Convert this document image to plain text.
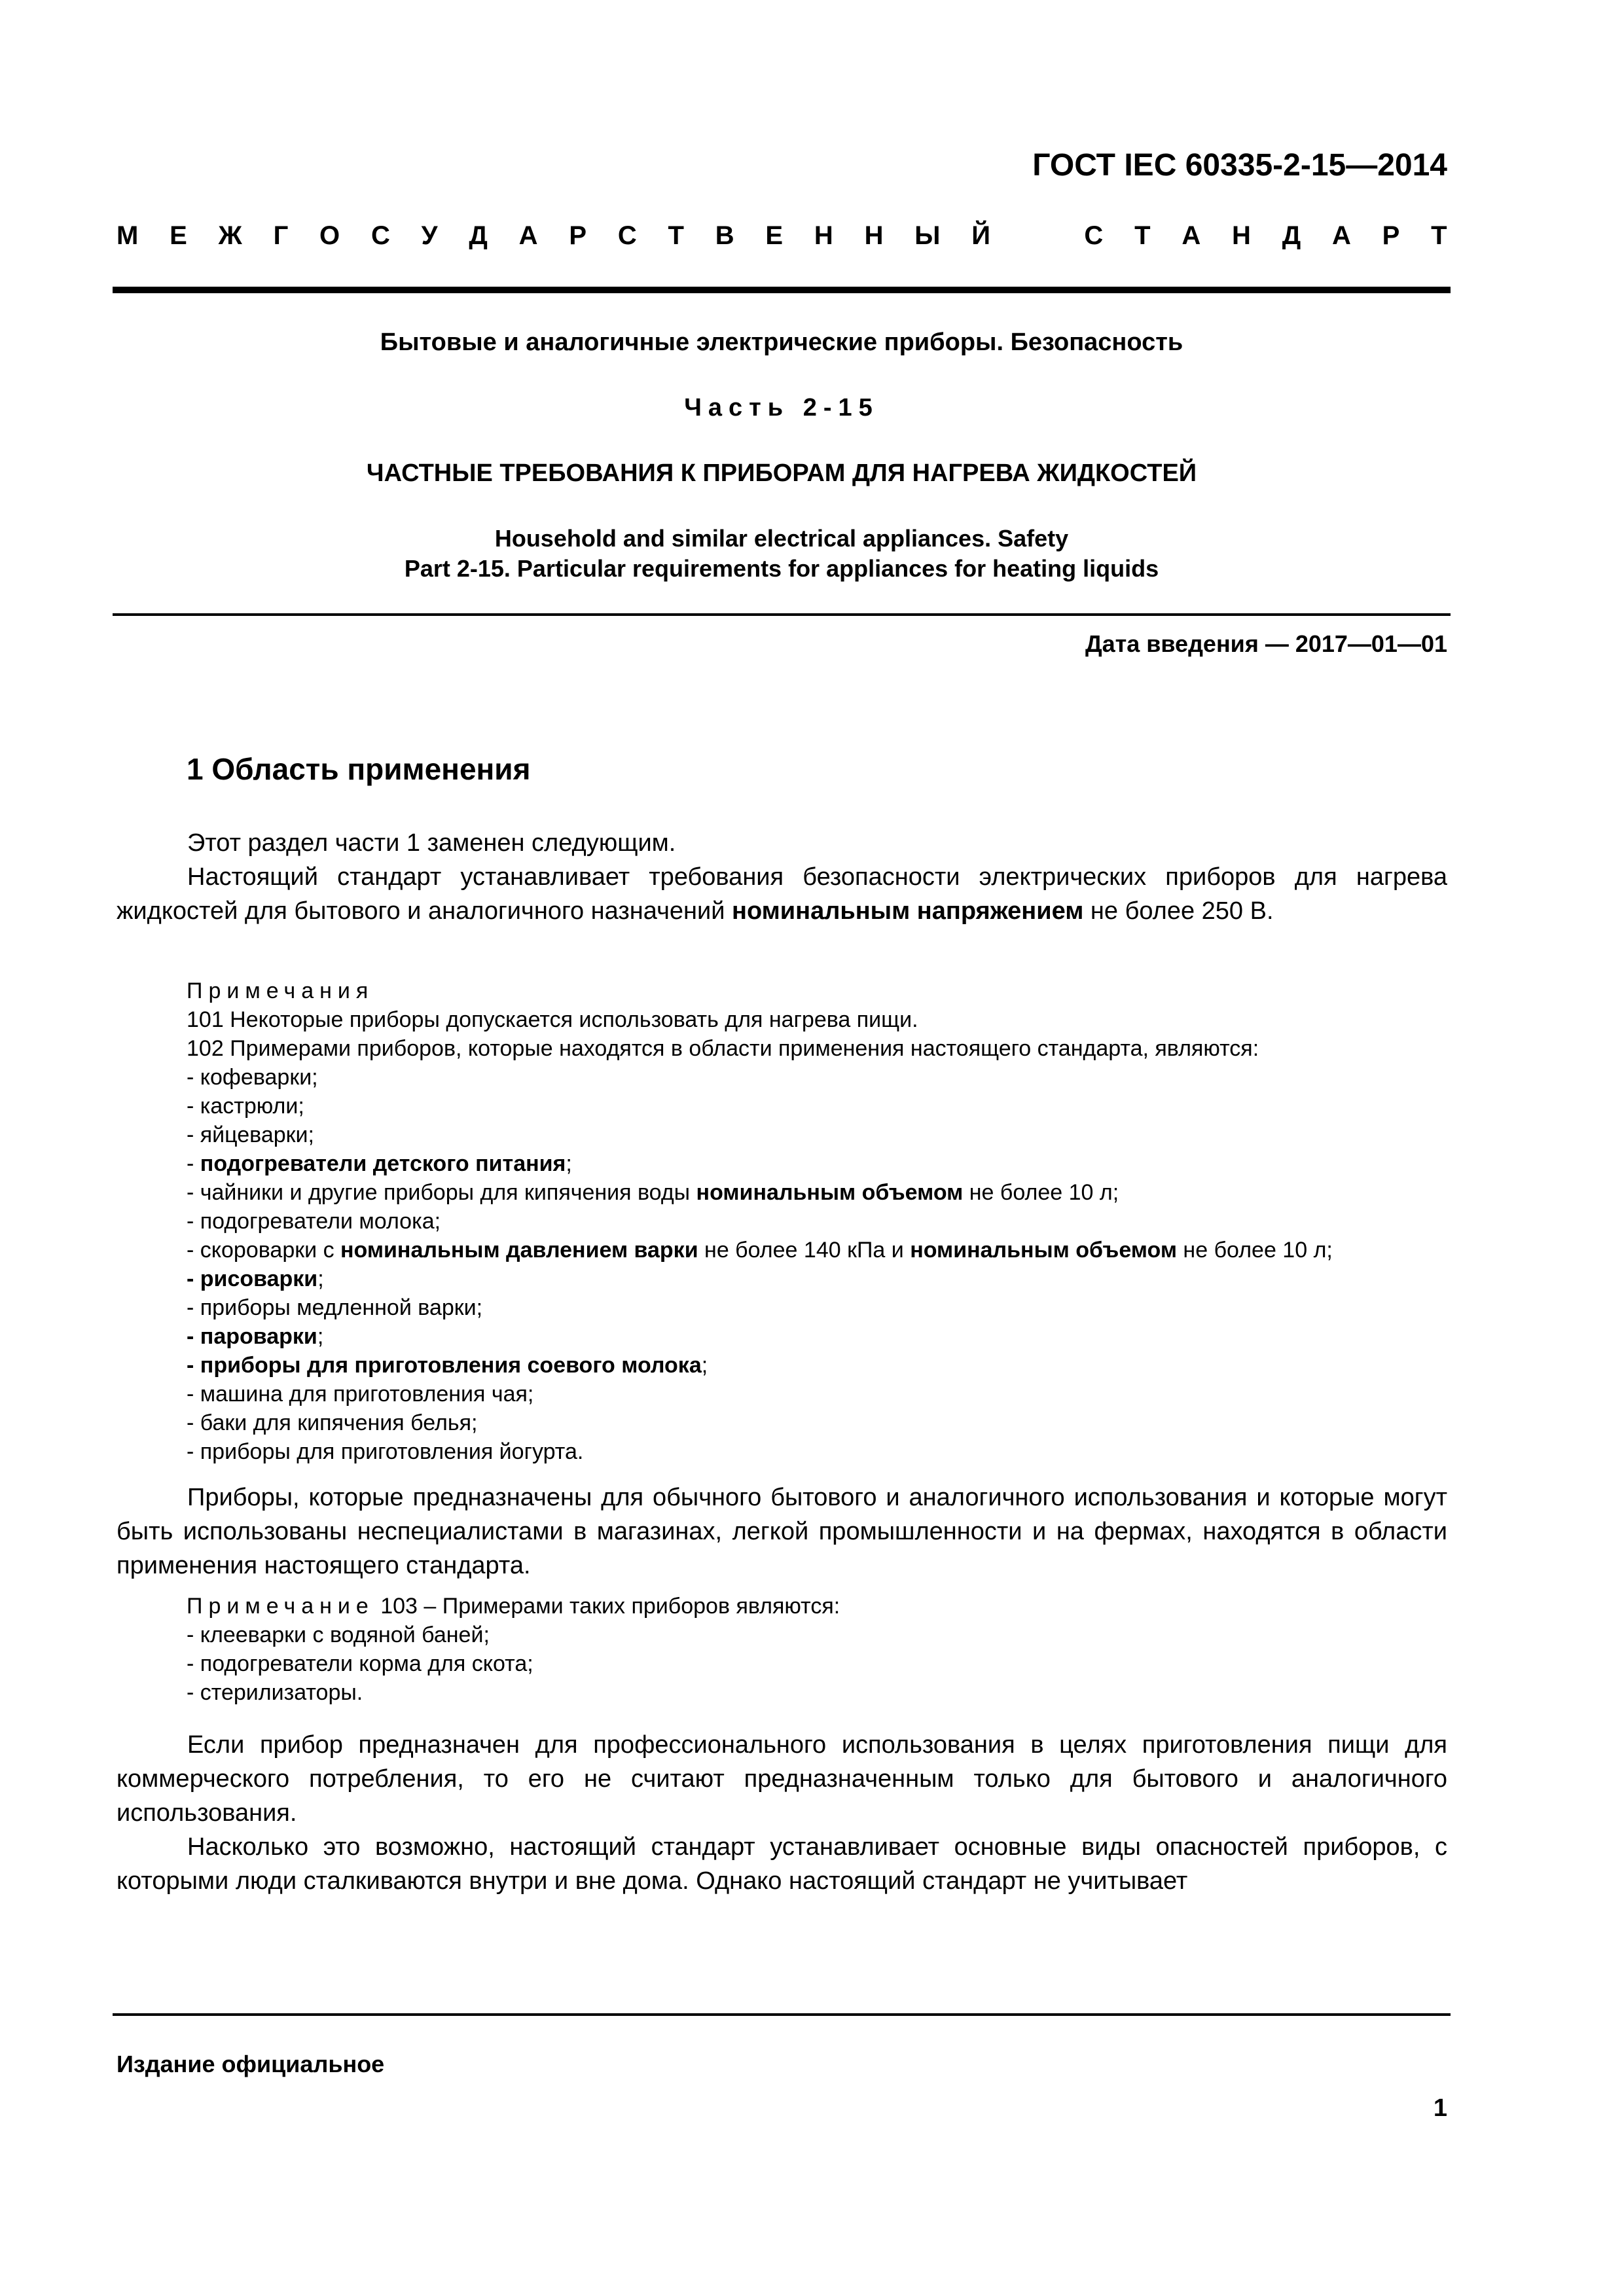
ГОСТ IEC 60335-2-15—2014
М Е Ж Г О С У Д А Р С Т В Е Н Н Ы Й	С Т А Н Д А Р Т
Бытовые и аналогичные электрические приборы. Безопасность
Часть 2-15
ЧАСТНЫЕ ТРЕБОВАНИЯ К ПРИБОРАМ ДЛЯ НАГРЕВА ЖИДКОСТЕЙ
Household and similar electrical appliances. Safety
Part 2-15. Particular requirements for appliances for heating liquids
Дата введения — 2017—01—01
1 Область применения

Этот раздел части 1 заменен следующим.

Настоящий стандарт устанавливает требования безопасности электрических приборов для нагрева жидкостей для бытового и аналогичного назначений номинальным напряжением не более 250 В.

Примечания

101 Некоторые приборы допускается использовать для нагрева пищи.

102 Примерами приборов, которые находятся в области применения настоящего стандарта, являются:

- кофеварки;

- кастрюли;

- яйцеварки;

- подогреватели детского питания;

- чайники и другие приборы для кипячения воды номинальным объемом не более 10 л;

- подогреватели молока;

- скороварки с номинальным давлением варки не более 140 кПа и номинальным объемом не более 10 л;

- рисоварки;

- приборы медленной варки;

- пароварки;

- приборы для приготовления соевого молока;

- машина для приготовления чая;

- баки для кипячения белья;

- приборы для приготовления йогурта.

Приборы, которые предназначены для обычного бытового и аналогичного использования и которые могут быть использованы неспециалистами в магазинах, легкой промышленности и на фермах, находятся в области применения настоящего стандарта.

Примечание 103 – Примерами таких приборов являются:

- клееварки с водяной баней;

- подогреватели корма для скота;

- стерилизаторы.

Если прибор предназначен для профессионального использования в целях приготовления пищи для коммерческого потребления, то его не считают предназначенным только для бытового и аналогичного использования.

Насколько это возможно, настоящий стандарт устанавливает основные виды опасностей приборов, с которыми люди сталкиваются внутри и вне дома. Однако настоящий стандарт не учитывает

Издание официальное
1
